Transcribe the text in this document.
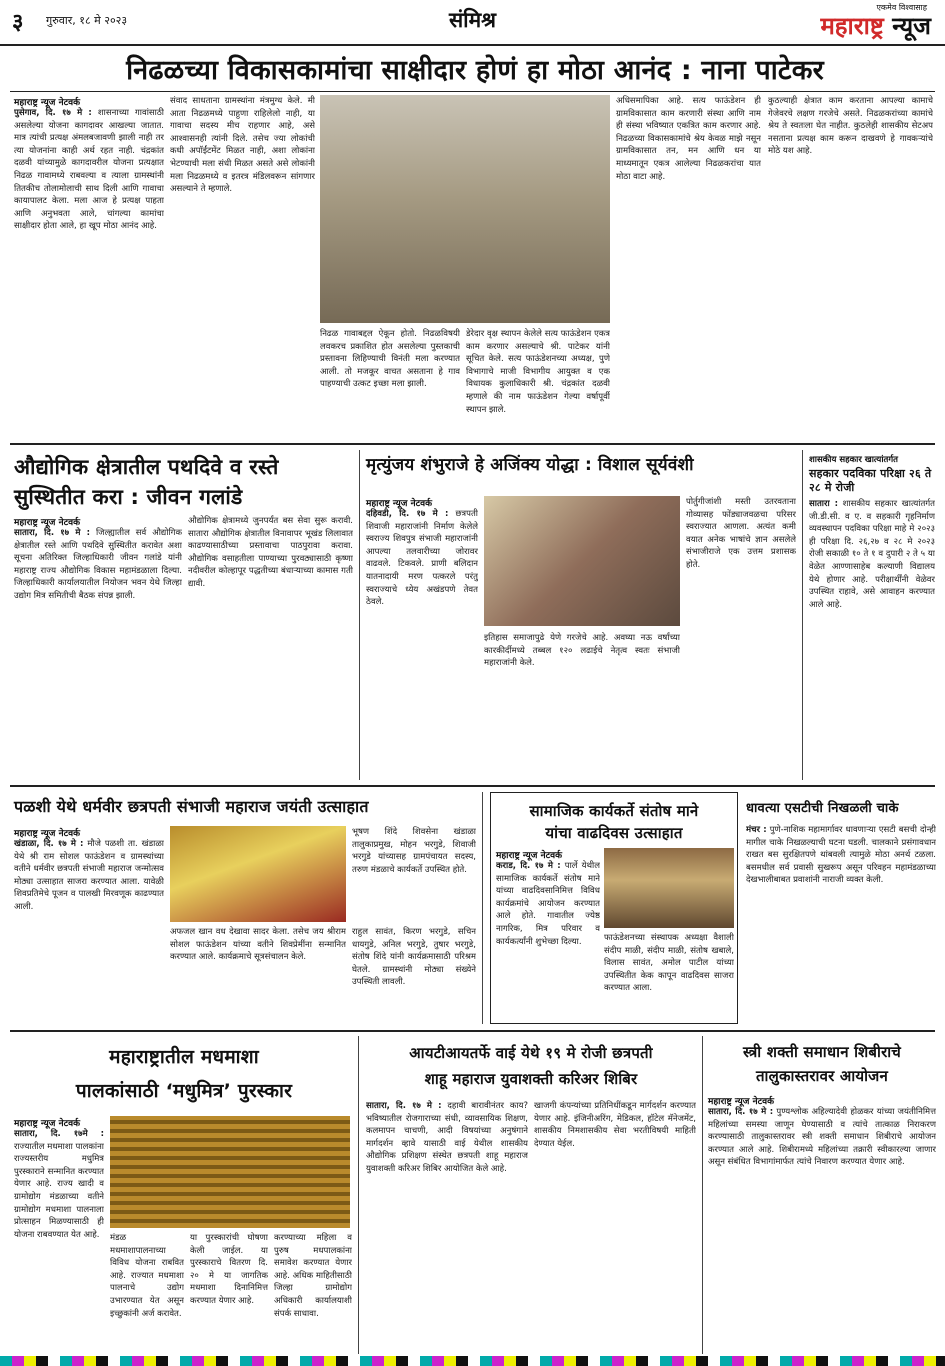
३ गुरुवार, १८ मे २०२३	संमिश्र
एकमेव विश्वासाह
महाराष्ट्र न्यूज
निढळच्या विकासकामांचा साक्षीदार होणं हा मोठा आनंद : नाना पाटेकर
महाराष्ट्र न्यूज नेटवर्क
पुसेगाव, दि. १७ मे : शासनाच्या गावांसाठी असलेल्या योजना कागदावर आखल्या जातात. मात्र त्यांची प्रत्यक्ष अंमलबजावणी झाली नाही तर त्या योजनांना काही अर्थ रहत नाही. चंद्रकांत दळवी यांच्यामुळे कागदावरील योजना प्रत्यक्षात निढळ गावामध्ये राबवल्या व त्याला ग्रामस्थांनी तितकीच तोलामोलाची साथ दिली आणि गावाचा कायापालट केला. मला आज हे प्रत्यक्ष पाहता आणि अनुभवता आले, चांगल्या कामांचा साक्षीदार होता आले, हा खूप मोठा आनंद आहे.
संवाद साधताना ग्रामस्थांना मंत्रमुग्ध केले. मी आता निढळमध्ये पाहुणा राहिलेलो नाही, या गावाचा सदस्य मीच राहणार आहे, असे आश्वासनही त्यांनी दिले. तसेच ज्या लोकांची कधी अपॉईंटमेंट मिळत नाही, अशा लोकांना भेटण्याची मला संधी मिळत असते असे लोकांनी मला निढळमध्ये व इतरत्र मंडिलवरून सांगणार असल्याने ते म्हणाले.
निढळ गावाबद्दल ऐकून होतो. निढळविषयी लवकरच प्रकाशित होत असलेल्या पुस्तकाची प्रस्तावना लिहिण्याची विनंती मला करण्यात आली. तो मजकूर वाचत असताना हे गाव पाहण्याची उत्कट इच्छा मला झाली.
डेरेदार वृक्ष स्थापन केलेले सत्य फाऊंडेशन एकत्र काम करणार असल्याचे श्री. पाटेकर यांनी सूचित केले. सत्य फाऊंडेशनच्या अध्यक्ष, पुणे विभागाचे माजी विभागीय आयुक्त व एक विधायक कुलाधिकारी श्री. चंद्रकांत दळवी म्हणाले की नाम फाऊंडेशन गेल्या वर्षापूर्वी स्थापन झाले.
अधिसमापिका आहे. सत्य फाऊंडेशन ही ग्रामविकासात काम करणारी संस्था आणि नाम ही संस्था भविष्यात एकत्रित काम करणार आहे. निढळच्या विकासकामांचे श्रेय केवळ माझे नसून ग्रामविकासात तन, मन आणि धन या माध्यमातून एकत्र आलेल्या निढळकरांचा यात मोठा वाटा आहे.
कुठल्याही क्षेत्रात काम करताना आपल्या कामाचे गेजेवरचे लक्षण गरजेचे असते. निढळकरांच्या कामांचे श्रेय ते स्वतःला घेत नाहीत. कुठलेही शासकीय सेटअप नसताना प्रत्यक्ष काम करून दाखवणे हे गावकऱ्यांचे मोठे यश आहे.
औद्योगिक क्षेत्रातील पथदिवे व रस्ते
सुस्थितीत करा : जीवन गलांडे
महाराष्ट्र न्यूज नेटवर्क
सातारा, दि. १७ मे : जिल्ह्यातील सर्व औद्योगिक क्षेत्रातील रस्ते आणि पथदिवे सुस्थितीत करावेत अशा सूचना अतिरिक्त जिल्हाधिकारी जीवन गलांडे यांनी महाराष्ट्र राज्य औद्योगिक विकास महामंडळाला दिल्या. जिल्हाधिकारी कार्यालयातील नियोजन भवन येथे जिल्हा उद्योग मित्र समितीची बैठक संपन्न झाली.
औद्योगिक क्षेत्रामध्ये जुनपर्यंत बस सेवा सुरू करावी. सातारा औद्योगिक क्षेत्रातील विनावापर भूखंड लिलावात काढण्यासाठीच्या प्रस्तावाचा पाठपुरावा करावा. औद्योगिक वसाहतीला पाण्याच्या पुरवठ्यासाठी कृष्णा नदीवरील कोल्हापूर पद्धतीच्या बंधाऱ्याच्या कामास गती द्यावी.
मृत्युंजय शंभुराजे हे अजिंक्य योद्धा : विशाल सूर्यवंशी
महाराष्ट्र न्यूज नेटवर्क
दहिवडी, दि. १७ मे : छत्रपती शिवाजी महाराजांनी निर्माण केलेले स्वराज्य शिवपुत्र संभाजी महाराजांनी आपल्या तलवारीच्या जोरावर वाढवले. टिकवले. प्राणी बलिदान यातनादायी मरण पत्करले परंतु स्वराज्याचे ध्येय अखंडपणे तेवत ठेवले.
इतिहास समाजापुढे येणे गरजेचे आहे. अवघ्या नऊ वर्षांच्या कारकीर्दीमध्ये तब्बल १२० लढाईचे नेतृत्व स्वतः संभाजी महाराजांनी केले.
पोर्तुगीजांशी मस्ती उतरवताना गोव्यासह फोंड्याजवळचा परिसर स्वराज्यात आणला. अत्यंत कमी वयात अनेक भाषांचे ज्ञान असलेले संभाजीराजे एक उत्तम प्रशासक होते.
शासकीय सहकार खात्यांतर्गत
सहकार पदविका परिक्षा २६ ते २८ मे रोजी
सातारा : शासकीय सहकार खात्यांतर्गत जी.डी.सी. व ए. व सहकारी गृहनिर्माण व्यवस्थापन पदविका परिक्षा माहे मे २०२३ ही परिक्षा दि. २६,२७ व २८ मे २०२३ रोजी सकाळी १० ते १ व दुपारी २ ते ५ या वेळेत आण्णासाहेब कल्याणी विद्यालय येथे होणार आहे. परीक्षार्थींनी वेळेवर उपस्थित राहावे, असे आवाहन करण्यात आले आहे.
पळशी येथे धर्मवीर छत्रपती संभाजी महाराज जयंती उत्साहात
महाराष्ट्र न्यूज नेटवर्क
खंडाळा, दि. १७ मे : मौजे पळशी ता. खंडाळा येथे श्री राम सोशल फाऊंडेशन व ग्रामस्थांच्या वतीने धर्मवीर छत्रपती संभाजी महाराज जन्मोत्सव मोठ्या उत्साहात साजरा करण्यात आला. यावेळी शिवप्रतिमेचे पूजन व पालखी मिरवणूक काढण्यात आली.
भूषण शिंदे शिवसेना खंडाळा तालुकाप्रमुख, मोहन भरगुडे, शिवाजी भरगुडे यांच्यासह ग्रामपंचायत सदस्य, तरुण मंडळाचे कार्यकर्ते उपस्थित होते.
अफजल खान वध देखावा सादर केला. तसेच जय श्रीराम सोशल फाऊंडेशन यांच्या वतीने शिवप्रेमींना सन्मानित करण्यात आले. कार्यक्रमाचे सूत्रसंचालन केले.
राहुल सावंत, किरण भरगुडे, सचिन धायगुडे, अनिल भरगुडे, तुषार भरगुडे, संतोष शिंदे यांनी कार्यक्रमासाठी परिश्रम घेतले. ग्रामस्थांनी मोठ्या संख्येने उपस्थिती लावली.
सामाजिक कार्यकर्ते संतोष माने
यांचा वाढदिवस उत्साहात
महाराष्ट्र न्यूज नेटवर्क
कराड, दि. १७ मे : पार्ले येथील सामाजिक कार्यकर्ते संतोष माने यांच्या वाढदिवसानिमित्त विविध कार्यक्रमांचे आयोजन करण्यात आले होते. गावातील ज्येष्ठ नागरिक, मित्र परिवार व कार्यकर्त्यांनी शुभेच्छा दिल्या.	फाऊंडेशनच्या संस्थापक अध्यक्षा वैशाली संदीप माळी, संदीप माळी, संतोष खबाले, विलास सावंत, अमोल पाटील यांच्या उपस्थितीत केक कापून वाढदिवस साजरा करण्यात आला.
धावत्या एसटीची निखळली चाके
मंचर : पुणे-नाशिक महामार्गावर धावणाऱ्या एसटी बसची दोन्ही मागील चाके निखळल्याची घटना घडली. चालकाने प्रसंगावधान राखत बस सुरक्षितपणे थांबवली त्यामुळे मोठा अनर्थ टळला. बसमधील सर्व प्रवासी सुखरूप असून परिवहन महामंडळाच्या देखभालीबाबत प्रवाशांनी नाराजी व्यक्त केली.
महाराष्ट्रातील मधमाशा
पालकांसाठी ‘मधुमित्र’ पुरस्कार
महाराष्ट्र न्यूज नेटवर्क
सातारा, दि. १७मे : राज्यातील मधमाशा पालकांना राज्यस्तरीय मधुमित्र पुरस्काराने सन्मानित करण्यात येणार आहे. राज्य खादी व ग्रामोद्योग मंडळाच्या वतीने ग्रामोद्योग मधमाशा पालनाला प्रोत्साहन मिळण्यासाठी ही योजना राबवण्यात येत आहे.	मंडळ मधमाशापालनाच्या विविध योजना राबवित आहे. राज्यात मधमाशा पालनाचे उद्योग उभारण्यात येत असून इच्छुकांनी अर्ज करावेत.
या पुरस्कारांची घोषणा केली जाईल. या पुरस्काराचे वितरण दि. २० मे या जागतिक मधमाशा दिनानिमित्त करण्यात येणार आहे.
करण्याच्या महिला व पुरुष मधपालकांना समावेश करण्यात येणार आहे. अधिक माहितीसाठी जिल्हा ग्रामोद्योग अधिकारी कार्यालयाशी संपर्क साधावा.
आयटीआयतर्फे वाई येथे १९ मे रोजी छत्रपती
शाहू महाराज युवाशक्ती करिअर शिबिर
सातारा, दि. १७ मे : दहावी बारावीनंतर काय? भविष्यातील रोजगाराच्या संधी, व्यावसायिक शिक्षण, कलमापन चाचणी, आदी विषयांच्या अनुषंगाने मार्गदर्शन व्हावे यासाठी वाई येथील शासकीय औद्योगिक प्रशिक्षण संस्थेत छत्रपती शाहू महाराज युवाशक्ती करिअर शिबिर आयोजित केले आहे.
खाजगी कंपन्यांच्या प्रतिनिधींकडून मार्गदर्शन करण्यात येणार आहे. इंजिनीअरिंग, मेडिकल, हॉटेल मॅनेजमेंट, शासकीय निमशासकीय सेवा भरतीविषयी माहिती देण्यात येईल.
स्त्री शक्ती समाधान शिबीराचे
तालुकास्तरावर आयोजन
महाराष्ट्र न्यूज नेटवर्क
सातारा, दि. १७ मे : पुण्यश्लोक अहिल्यादेवी होळकर यांच्या जयंतीनिमित्त महिलांच्या समस्या जाणून घेण्यासाठी व त्यांचे तात्काळ निराकरण करण्यासाठी तालुकास्तरावर स्त्री शक्ती समाधान शिबीराचे आयोजन करण्यात आले आहे. शिबीरामध्ये महिलांच्या तक्रारी स्वीकारल्या जाणार असून संबंधित विभागांमार्फत त्यांचे निवारण करण्यात येणार आहे.
